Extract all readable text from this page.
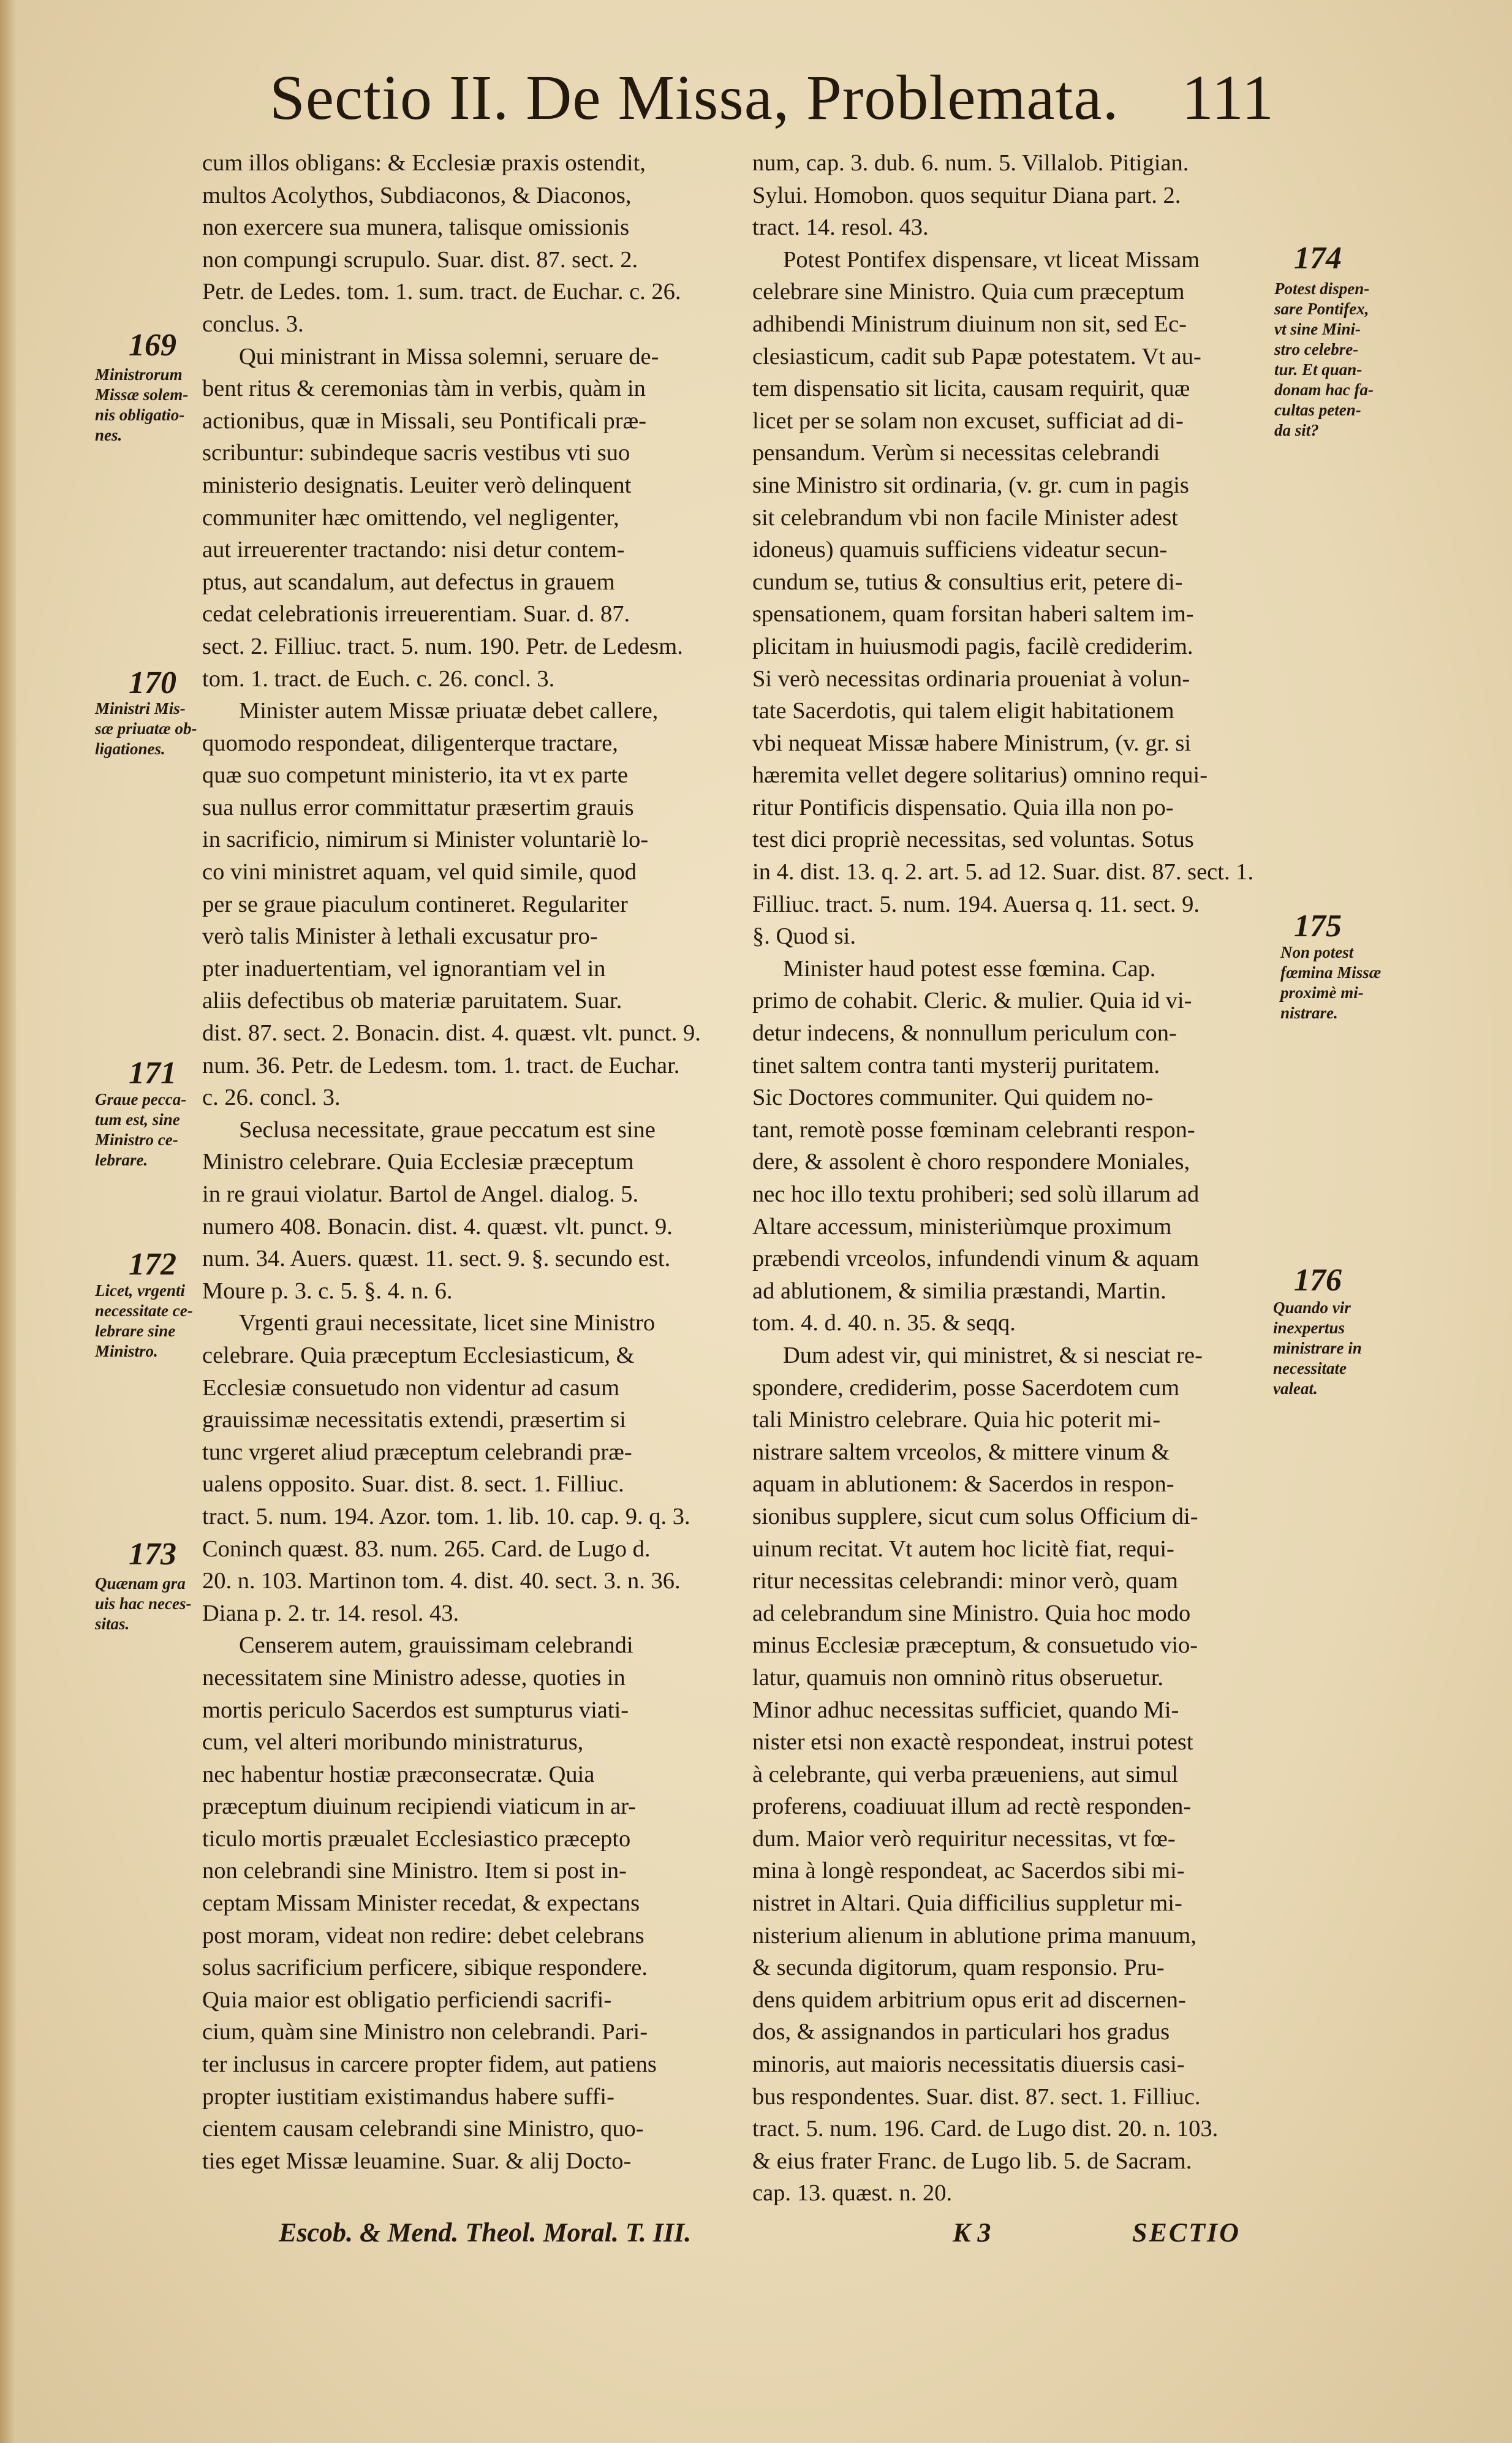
Sectio II. De Missa, Problemata. 111

cum illos obligans: & Ecclesiæ praxis ostendit,

multos Acolythos, Subdiaconos, & Diaconos,

non exercere sua munera, talisque omissionis

non compungi scrupulo. Suar. dist. 87. sect. 2.

Petr. de Ledes. tom. 1. sum. tract. de Euchar. c. 26.

conclus. 3.

Qui ministrant in Missa solemni, seruare de-

bent ritus & ceremonias tàm in verbis, quàm in

actionibus, quæ in Missali, seu Pontificali præ-

scribuntur: subindeque sacris vestibus vti suo

ministerio designatis. Leuiter verò delinquent

communiter hæc omittendo, vel negligenter,

aut irreuerenter tractando: nisi detur contem-

ptus, aut scandalum, aut defectus in grauem

cedat celebrationis irreuerentiam. Suar. d. 87.

sect. 2. Filliuc. tract. 5. num. 190. Petr. de Ledesm.

tom. 1. tract. de Euch. c. 26. concl. 3.

Minister autem Missæ priuatæ debet callere,

quomodo respondeat, diligenterque tractare,

quæ suo competunt ministerio, ita vt ex parte

sua nullus error committatur præsertim grauis

in sacrificio, nimirum si Minister voluntariè lo-

co vini ministret aquam, vel quid simile, quod

per se graue piaculum contineret. Regulariter

verò talis Minister à lethali excusatur pro-

pter inaduertentiam, vel ignorantiam vel in

aliis defectibus ob materiæ paruitatem. Suar.

dist. 87. sect. 2. Bonacin. dist. 4. quæst. vlt. punct. 9.

num. 36. Petr. de Ledesm. tom. 1. tract. de Euchar.

c. 26. concl. 3.

Seclusa necessitate, graue peccatum est sine

Ministro celebrare. Quia Ecclesiæ præceptum

in re graui violatur. Bartol de Angel. dialog. 5.

numero 408. Bonacin. dist. 4. quæst. vlt. punct. 9.

num. 34. Auers. quæst. 11. sect. 9. §. secundo est.

Moure p. 3. c. 5. §. 4. n. 6.

Vrgenti graui necessitate, licet sine Ministro

celebrare. Quia præceptum Ecclesiasticum, &

Ecclesiæ consuetudo non videntur ad casum

grauissimæ necessitatis extendi, præsertim si

tunc vrgeret aliud præceptum celebrandi præ-

ualens opposito. Suar. dist. 8. sect. 1. Filliuc.

tract. 5. num. 194. Azor. tom. 1. lib. 10. cap. 9. q. 3.

Coninch quæst. 83. num. 265. Card. de Lugo d.

20. n. 103. Martinon tom. 4. dist. 40. sect. 3. n. 36.

Diana p. 2. tr. 14. resol. 43.

Censerem autem, grauissimam celebrandi

necessitatem sine Ministro adesse, quoties in

mortis periculo Sacerdos est sumpturus viati-

cum, vel alteri moribundo ministraturus,

nec habentur hostiæ præconsecratæ. Quia

præceptum diuinum recipiendi viaticum in ar-

ticulo mortis præualet Ecclesiastico præcepto

non celebrandi sine Ministro. Item si post in-

ceptam Missam Minister recedat, & expectans

post moram, videat non redire: debet celebrans

solus sacrificium perficere, sibique respondere.

Quia maior est obligatio perficiendi sacrifi-

cium, quàm sine Ministro non celebrandi. Pari-

ter inclusus in carcere propter fidem, aut patiens

propter iustitiam existimandus habere suffi-

cientem causam celebrandi sine Ministro, quo-

ties eget Missæ leuamine. Suar. & alij Docto-

num, cap. 3. dub. 6. num. 5. Villalob. Pitigian.

Sylui. Homobon. quos sequitur Diana part. 2.

tract. 14. resol. 43.

Potest Pontifex dispensare, vt liceat Missam

celebrare sine Ministro. Quia cum præceptum

adhibendi Ministrum diuinum non sit, sed Ec-

clesiasticum, cadit sub Papæ potestatem. Vt au-

tem dispensatio sit licita, causam requirit, quæ

licet per se solam non excuset, sufficiat ad di-

pensandum. Verùm si necessitas celebrandi

sine Ministro sit ordinaria, (v. gr. cum in pagis

sit celebrandum vbi non facile Minister adest

idoneus) quamuis sufficiens videatur secun-

cundum se, tutius & consultius erit, petere di-

spensationem, quam forsitan haberi saltem im-

plicitam in huiusmodi pagis, facilè crediderim.

Si verò necessitas ordinaria proueniat à volun-

tate Sacerdotis, qui talem eligit habitationem

vbi nequeat Missæ habere Ministrum, (v. gr. si

hæremita vellet degere solitarius) omnino requi-

ritur Pontificis dispensatio. Quia illa non po-

test dici propriè necessitas, sed voluntas. Sotus

in 4. dist. 13. q. 2. art. 5. ad 12. Suar. dist. 87. sect. 1.

Filliuc. tract. 5. num. 194. Auersa q. 11. sect. 9.

§. Quod si.

Minister haud potest esse fœmina. Cap.

primo de cohabit. Cleric. & mulier. Quia id vi-

detur indecens, & nonnullum periculum con-

tinet saltem contra tanti mysterij puritatem.

Sic Doctores communiter. Qui quidem no-

tant, remotè posse fœminam celebranti respon-

dere, & assolent è choro respondere Moniales,

nec hoc illo textu prohiberi; sed solù illarum ad

Altare accessum, ministeriùmque proximum

præbendi vrceolos, infundendi vinum & aquam

ad ablutionem, & similia præstandi, Martin.

tom. 4. d. 40. n. 35. & seqq.

Dum adest vir, qui ministret, & si nesciat re-

spondere, crediderim, posse Sacerdotem cum

tali Ministro celebrare. Quia hic poterit mi-

nistrare saltem vrceolos, & mittere vinum &

aquam in ablutionem: & Sacerdos in respon-

sionibus supplere, sicut cum solus Officium di-

uinum recitat. Vt autem hoc licitè fiat, requi-

ritur necessitas celebrandi: minor verò, quam

ad celebrandum sine Ministro. Quia hoc modo

minus Ecclesiæ præceptum, & consuetudo vio-

latur, quamuis non omninò ritus obseruetur.

Minor adhuc necessitas sufficiet, quando Mi-

nister etsi non exactè respondeat, instrui potest

à celebrante, qui verba præueniens, aut simul

proferens, coadiuuat illum ad rectè responden-

dum. Maior verò requiritur necessitas, vt fœ-

mina à longè respondeat, ac Sacerdos sibi mi-

nistret in Altari. Quia difficilius suppletur mi-

nisterium alienum in ablutione prima manuum,

& secunda digitorum, quam responsio. Pru-

dens quidem arbitrium opus erit ad discernen-

dos, & assignandos in particulari hos gradus

minoris, aut maioris necessitatis diuersis casi-

bus respondentes. Suar. dist. 87. sect. 1. Filliuc.

tract. 5. num. 196. Card. de Lugo dist. 20. n. 103.

& eius frater Franc. de Lugo lib. 5. de Sacram.

cap. 13. quæst. n. 20.

169
170
171
172
173
174
175
176

Ministrorum

Missæ solem-

nis obligatio-

nes.

Ministri Mis-

sæ priuatæ ob-

ligationes.

Graue pecca-

tum est, sine

Ministro ce-

lebrare.

Licet, vrgenti

necessitate ce-

lebrare sine

Ministro.

Quænam gra

uis hac neces-

sitas.

Potest dispen-

sare Pontifex,

vt sine Mini-

stro celebre-

tur. Et quan-

donam hac fa-

cultas peten-

da sit?

Non potest

fœmina Missæ

proximè mi-

nistrare.

Quando vir

inexpertus

ministrare in

necessitate

valeat.

Escob. & Mend. Theol. Moral. T. III.	K 3	SECTIO
